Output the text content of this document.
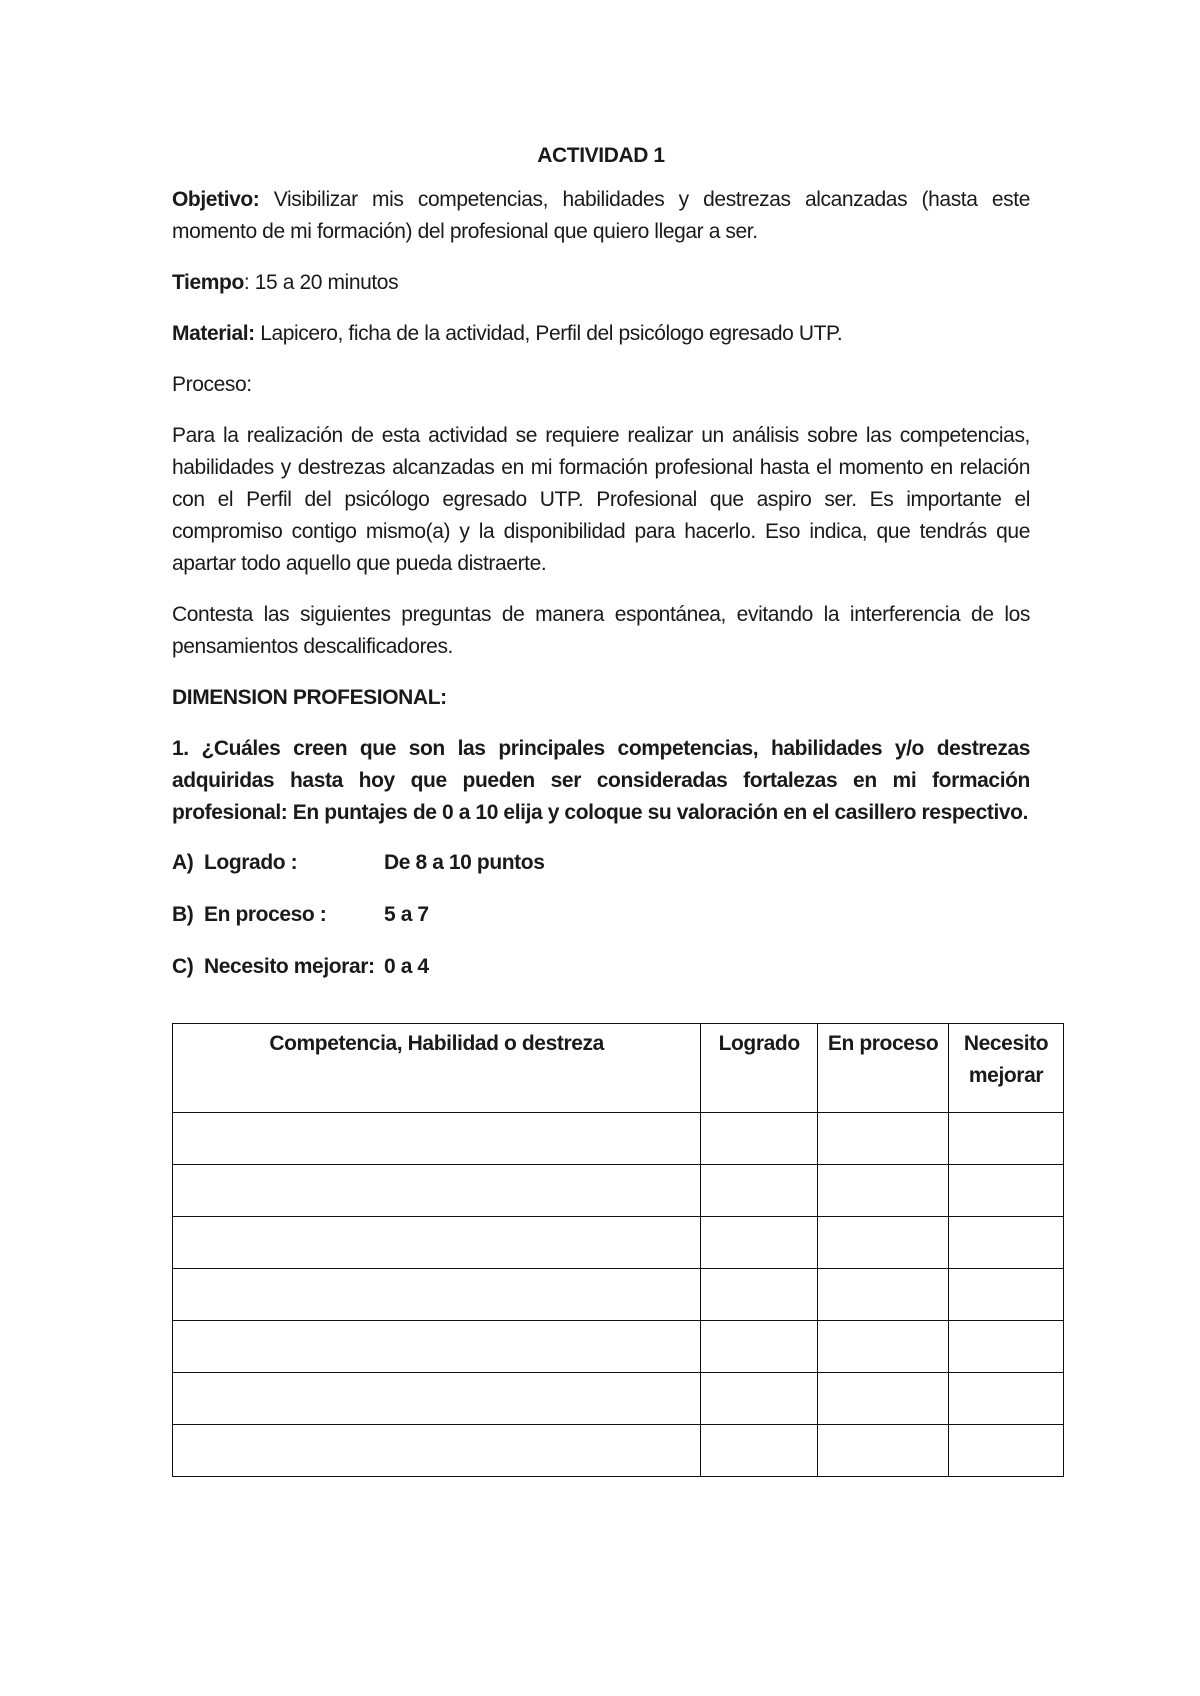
ACTIVIDAD 1

Objetivo: Visibilizar mis competencias, habilidades y destrezas alcanzadas (hasta este momento de mi formación) del profesional que quiero llegar a ser.

Tiempo: 15 a 20 minutos

Material: Lapicero, ficha de la actividad, Perfil del psicólogo egresado UTP.

Proceso:

Para la realización de esta actividad se requiere realizar un análisis sobre las competencias, habilidades y destrezas alcanzadas en mi formación profesional hasta el momento en relación con el Perfil del psicólogo egresado UTP. Profesional que aspiro ser. Es importante el compromiso contigo mismo(a) y la disponibilidad para hacerlo. Eso indica, que tendrás que apartar todo aquello que pueda distraerte.

Contesta las siguientes preguntas de manera espontánea, evitando la interferencia de los pensamientos descalificadores.

DIMENSION PROFESIONAL:

1. ¿Cuáles creen que son las principales competencias, habilidades y/o destrezas adquiridas hasta hoy que pueden ser consideradas fortalezas en mi formación profesional: En puntajes de 0 a 10 elija y coloque su valoración en el casillero respectivo.

A) Logrado :	De 8 a 10 puntos
B) En proceso :	5 a 7
C) Necesito mejorar: 0 a 4
Competencia, Habilidad o destreza	Logrado	En proceso	Necesito mejorar
